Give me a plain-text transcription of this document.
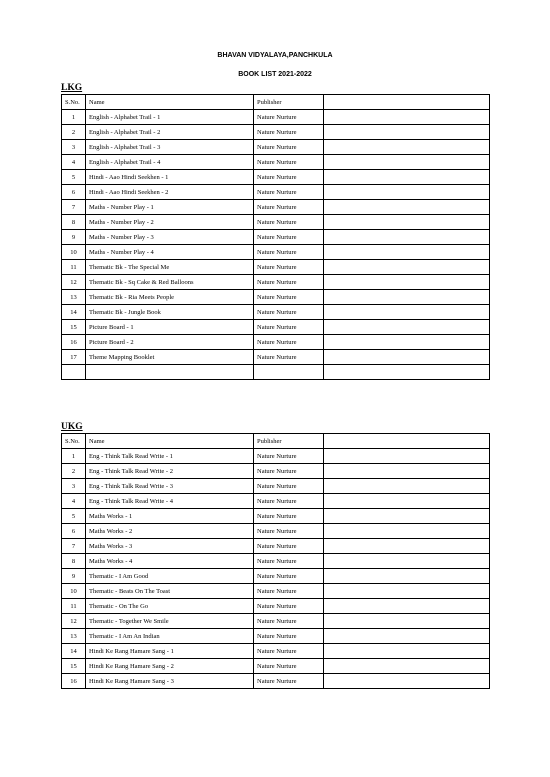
BHAVAN VIDYALAYA,PANCHKULA
BOOK LIST 2021-2022
LKG
S.No.	Name	Publisher	
1	English - Alphabet Trail - 1	Nature Nurture	
2	English - Alphabet Trail - 2	Nature Nurture	
3	English - Alphabet Trail - 3	Nature Nurture	
4	English - Alphabet Trail - 4	Nature Nurture	
5	Hindi - Aao Hindi Seekhen - 1	Nature Nurture	
6	Hindi - Aao Hindi Seekhen - 2	Nature Nurture	
7	Maths - Number Play - 1	Nature Nurture	
8	Maths - Number Play - 2	Nature Nurture	
9	Maths - Number Play - 3	Nature Nurture	
10	Maths - Number Play - 4	Nature Nurture	
11	Thematic Bk - The Special Me	Nature Nurture	
12	Thematic Bk - Sq Cake & Red Balloons	Nature Nurture	
13	Thematic Bk - Ria Meets People	Nature Nurture	
14	Thematic Bk - Jungle Book	Nature Nurture	
15	Picture Board - 1	Nature Nurture	
16	Picture Board - 2	Nature Nurture	
17	Theme Mapping Booklet	Nature Nurture	

UKG
S.No.	Name	Publisher	
1	Eng - Think Talk Read Write - 1	Nature Nurture	
2	Eng - Think Talk Read Write - 2	Nature Nurture	
3	Eng - Think Talk Read Write - 3	Nature Nurture	
4	Eng - Think Talk Read Write - 4	Nature Nurture	
5	Maths Works - 1	Nature Nurture	
6	Maths Works - 2	Nature Nurture	
7	Maths Works - 3	Nature Nurture	
8	Maths Works - 4	Nature Nurture	
9	Thematic - I Am Good	Nature Nurture	
10	Thematic - Beats On The Toast	Nature Nurture	
11	Thematic - On The Go	Nature Nurture	
12	Thematic - Together We Smile	Nature Nurture	
13	Thematic - I Am An Indian	Nature Nurture	
14	Hindi Ke Rang Hamare Sang - 1	Nature Nurture	
15	Hindi Ke Rang Hamare Sang - 2	Nature Nurture	
16	Hindi Ke Rang Hamare Sang - 3	Nature Nurture	
